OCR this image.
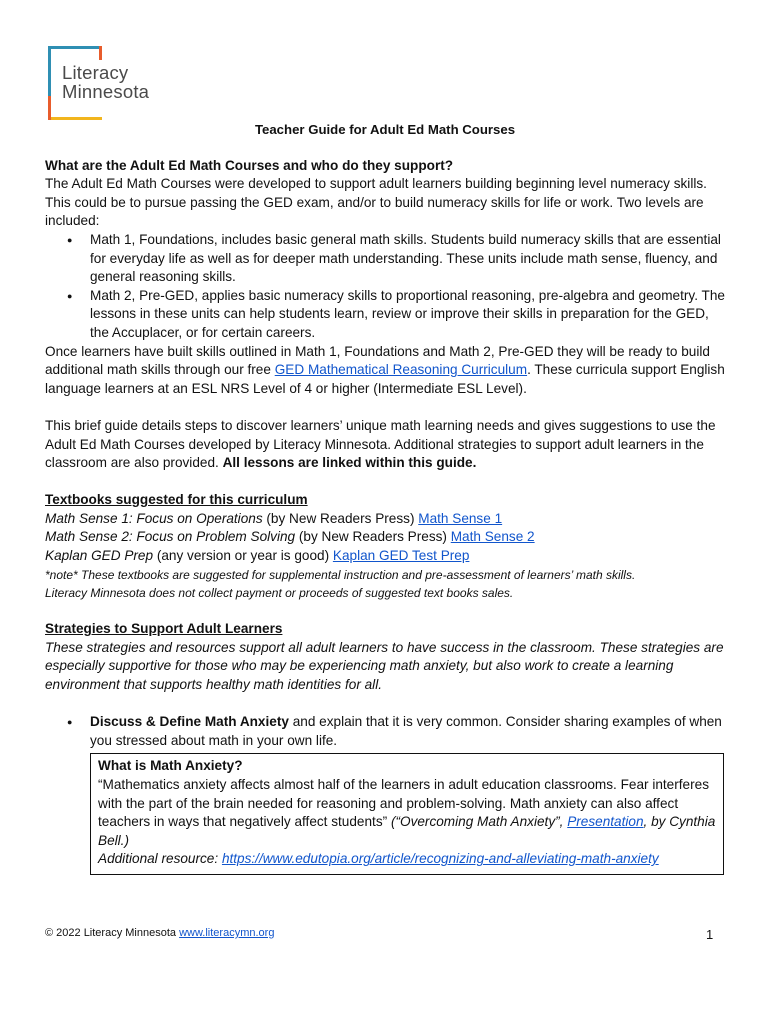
Literacy
Minnesota

Teacher Guide for Adult Ed Math Courses

What are the Adult Ed Math Courses and who do they support?

The Adult Ed Math Courses were developed to support adult learners building beginning level numeracy skills. This could be to pursue passing the GED exam, and/or to build numeracy skills for life or work. Two levels are included:

● Math 1, Foundations, includes basic general math skills. Students build numeracy skills that are essential for everyday life as well as for deeper math understanding. These units include math sense, fluency, and general reasoning skills.
● Math 2, Pre-GED, applies basic numeracy skills to proportional reasoning, pre-algebra and geometry. The lessons in these units can help students learn, review or improve their skills in preparation for the GED, the Accuplacer, or for certain careers.

Once learners have built skills outlined in Math 1, Foundations and Math 2, Pre-GED they will be ready to build additional math skills through our free GED Mathematical Reasoning Curriculum. These curricula support English language learners at an ESL NRS Level of 4 or higher (Intermediate ESL Level).

This brief guide details steps to discover learners’ unique math learning needs and gives suggestions to use the Adult Ed Math Courses developed by Literacy Minnesota. Additional strategies to support adult learners in the classroom are also provided. All lessons are linked within this guide.

Textbooks suggested for this curriculum

Math Sense 1: Focus on Operations (by New Readers Press) Math Sense 1

Math Sense 2: Focus on Problem Solving (by New Readers Press) Math Sense 2

Kaplan GED Prep (any version or year is good) Kaplan GED Test Prep

*note* These textbooks are suggested for supplemental instruction and pre-assessment of learners’ math skills.

Literacy Minnesota does not collect payment or proceeds of suggested text books sales.

Strategies to Support Adult Learners

These strategies and resources support all adult learners to have success in the classroom. These strategies are especially supportive for those who may be experiencing math anxiety, but also work to create a learning environment that supports healthy math identities for all.

● Discuss & Define Math Anxiety and explain that it is very common. Consider sharing examples of when you stressed about math in your own life.

What is Math Anxiety?

“Mathematics anxiety affects almost half of the learners in adult education classrooms. Fear interferes with the part of the brain needed for reasoning and problem-solving. Math anxiety can also affect teachers in ways that negatively affect students” (“Overcoming Math Anxiety”, Presentation, by Cynthia Bell.)

Additional resource: https://www.edutopia.org/article/recognizing-and-alleviating-math-anxiety

© 2022 Literacy Minnesota www.literacymn.org	1
